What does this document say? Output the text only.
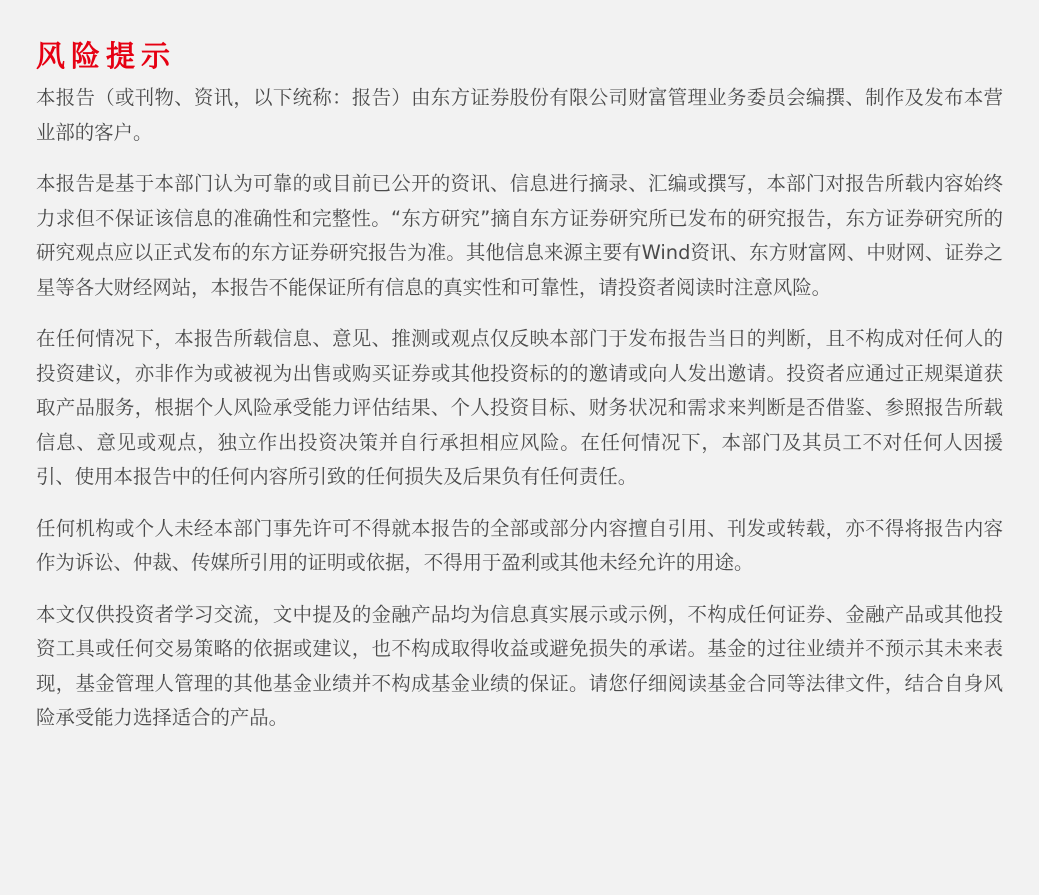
风险提示

本报告（或刊物、资讯，以下统称：报告）由东方证券股份有限公司财富管理业务委员会编撰、制作及发布本营业部的客户。

本报告是基于本部门认为可靠的或目前已公开的资讯、信息进行摘录、汇编或撰写，本部门对报告所载内容始终力求但不保证该信息的准确性和完整性。“东方研究”摘自东方证券研究所已发布的研究报告，东方证券研究所的研究观点应以正式发布的东方证券研究报告为准。其他信息来源主要有Wind资讯、东方财富网、中财网、证券之星等各大财经网站，本报告不能保证所有信息的真实性和可靠性，请投资者阅读时注意风险。

在任何情况下，本报告所载信息、意见、推测或观点仅反映本部门于发布报告当日的判断，且不构成对任何人的投资建议，亦非作为或被视为出售或购买证券或其他投资标的的邀请或向人发出邀请。投资者应通过正规渠道获取产品服务，根据个人风险承受能力评估结果、个人投资目标、财务状况和需求来判断是否借鉴、参照报告所载信息、意见或观点，独立作出投资决策并自行承担相应风险。在任何情况下，本部门及其员工不对任何人因援引、使用本报告中的任何内容所引致的任何损失及后果负有任何责任。

任何机构或个人未经本部门事先许可不得就本报告的全部或部分内容擅自引用、刊发或转载，亦不得将报告内容作为诉讼、仲裁、传媒所引用的证明或依据，不得用于盈利或其他未经允许的用途。

本文仅供投资者学习交流，文中提及的金融产品均为信息真实展示或示例，不构成任何证券、金融产品或其他投资工具或任何交易策略的依据或建议，也不构成取得收益或避免损失的承诺。基金的过往业绩并不预示其未来表现，基金管理人管理的其他基金业绩并不构成基金业绩的保证。请您仔细阅读基金合同等法律文件，结合自身风险承受能力选择适合的产品。
